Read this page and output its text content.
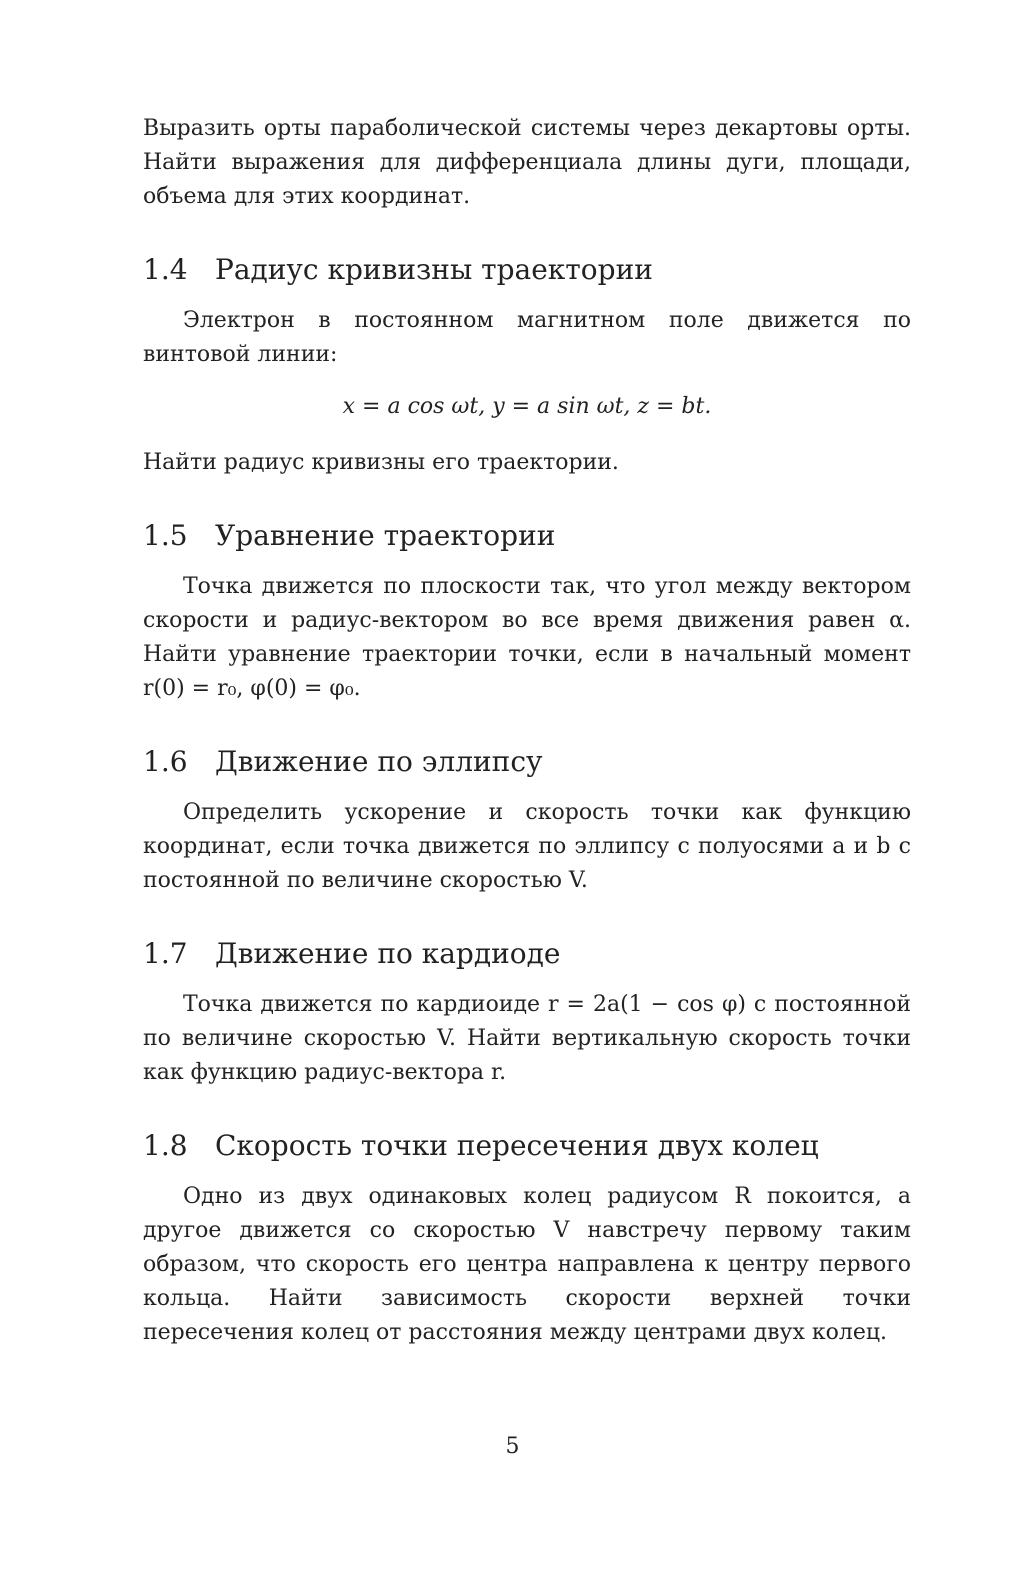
Выразить орты параболической системы через декартовы орты. Найти выражения для дифференциала длины дуги, площади, объема для этих координат.

1.4 Радиус кривизны траектории

Электрон в постоянном магнитном поле движется по винтовой линии:

x = a cos ωt, y = a sin ωt, z = bt.

Найти радиус кривизны его траектории.

1.5 Уравнение траектории

Точка движется по плоскости так, что угол между вектором скорости и радиус-вектором во все время движения равен α. Найти уравнение траектории точки, если в начальный момент r(0) = r₀, φ(0) = φ₀.

1.6 Движение по эллипсу

Определить ускорение и скорость точки как функцию координат, если точка движется по эллипсу с полуосями a и b с постоянной по величине скоростью V.

1.7 Движение по кардиоде

Точка движется по кардиоиде r = 2a(1 − cos φ) с постоянной по величине скоростью V. Найти вертикальную скорость точки как функцию радиус-вектора r.

1.8 Скорость точки пересечения двух колец

Одно из двух одинаковых колец радиусом R покоится, а другое движется со скоростью V навстречу первому таким образом, что скорость его центра направлена к центру первого кольца. Найти зависимость скорости верхней точки пересечения колец от расстояния между центрами двух колец.

5
